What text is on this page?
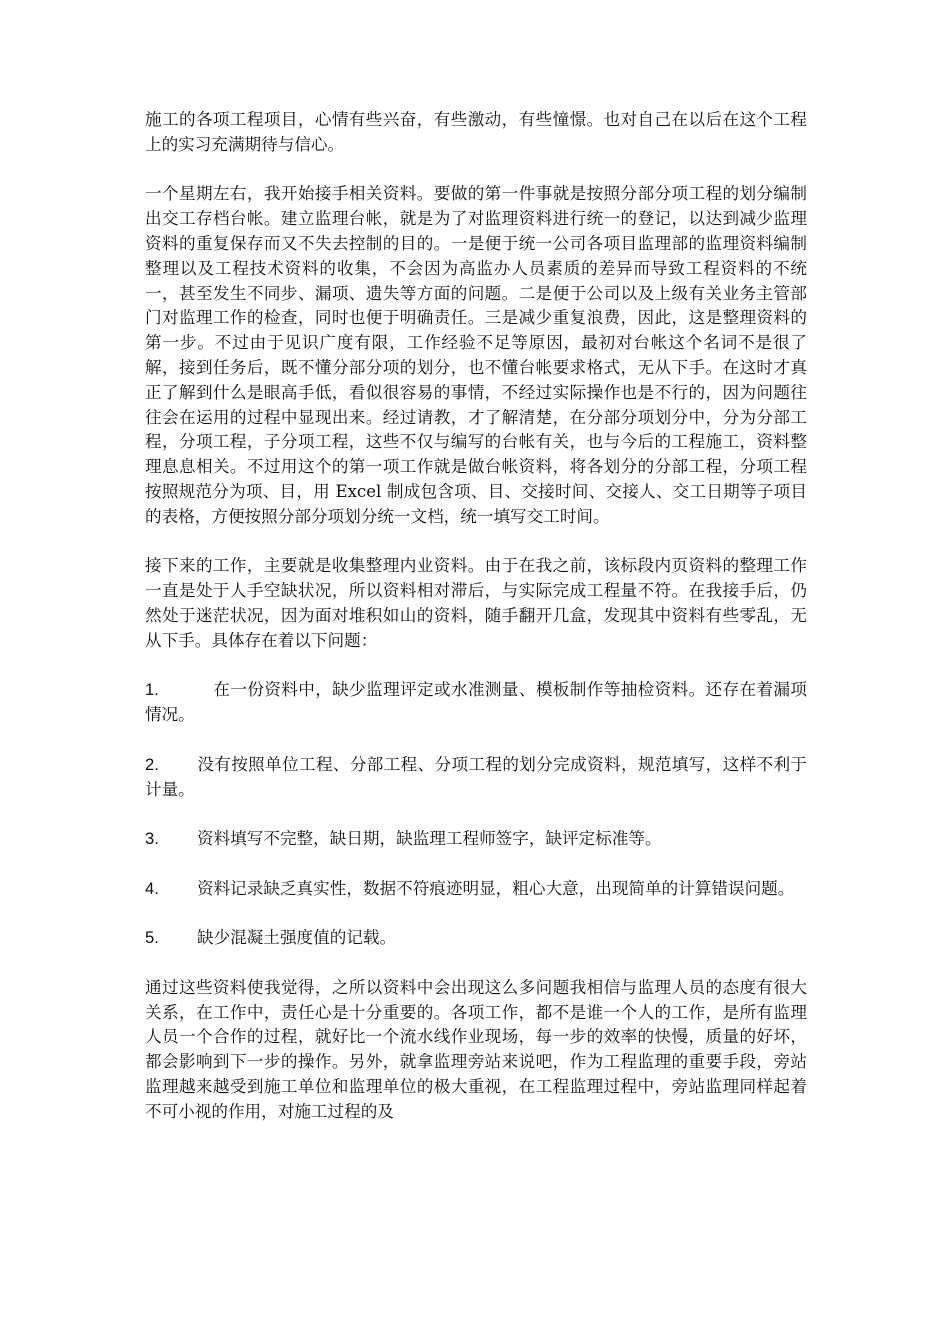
施工的各项工程项目，心情有些兴奋，有些激动，有些憧憬。也对自己在以后在这个工程上的实习充满期待与信心。

一个星期左右，我开始接手相关资料。要做的第一件事就是按照分部分项工程的划分编制出交工存档台帐。建立监理台帐，就是为了对监理资料进行统一的登记，以达到减少监理资料的重复保存而又不失去控制的目的。一是便于统一公司各项目监理部的监理资料编制整理以及工程技术资料的收集，不会因为高监办人员素质的差异而导致工程资料的不统一，甚至发生不同步、漏项、遗失等方面的问题。二是便于公司以及上级有关业务主管部门对监理工作的检查，同时也便于明确责任。三是减少重复浪费，因此，这是整理资料的第一步。不过由于见识广度有限，工作经验不足等原因，最初对台帐这个名词不是很了解，接到任务后，既不懂分部分项的划分，也不懂台帐要求格式，无从下手。在这时才真正了解到什么是眼高手低，看似很容易的事情，不经过实际操作也是不行的，因为问题往往会在运用的过程中显现出来。经过请教，才了解清楚，在分部分项划分中，分为分部工程，分项工程，子分项工程，这些不仅与编写的台帐有关，也与今后的工程施工，资料整理息息相关。不过用这个的第一项工作就是做台帐资料，将各划分的分部工程，分项工程按照规范分为项、目，用 Excel 制成包含项、目、交接时间、交接人、交工日期等子项目的表格，方便按照分部分项划分统一文档，统一填写交工时间。

接下来的工作，主要就是收集整理内业资料。由于在我之前，该标段内页资料的整理工作一直是处于人手空缺状况，所以资料相对滞后，与实际完成工程量不符。在我接手后，仍然处于迷茫状况，因为面对堆积如山的资料，随手翻开几盒，发现其中资料有些零乱，无从下手。具体存在着以下问题：

1.	在一份资料中，缺少监理评定或水准测量、模板制作等抽检资料。还存在着漏项情况。
2. 没有按照单位工程、分部工程、分项工程的划分完成资料，规范填写，这样不利于计量。
3. 资料填写不完整，缺日期，缺监理工程师签字，缺评定标准等。
4. 资料记录缺乏真实性，数据不符痕迹明显，粗心大意，出现简单的计算错误问题。
5. 缺少混凝土强度值的记载。

通过这些资料使我觉得，之所以资料中会出现这么多问题我相信与监理人员的态度有很大关系，在工作中，责任心是十分重要的。各项工作，都不是谁一个人的工作，是所有监理人员一个合作的过程，就好比一个流水线作业现场，每一步的效率的快慢，质量的好坏，都会影响到下一步的操作。另外，就拿监理旁站来说吧，作为工程监理的重要手段，旁站监理越来越受到施工单位和监理单位的极大重视，在工程监理过程中，旁站监理同样起着不可小视的作用，对施工过程的及
